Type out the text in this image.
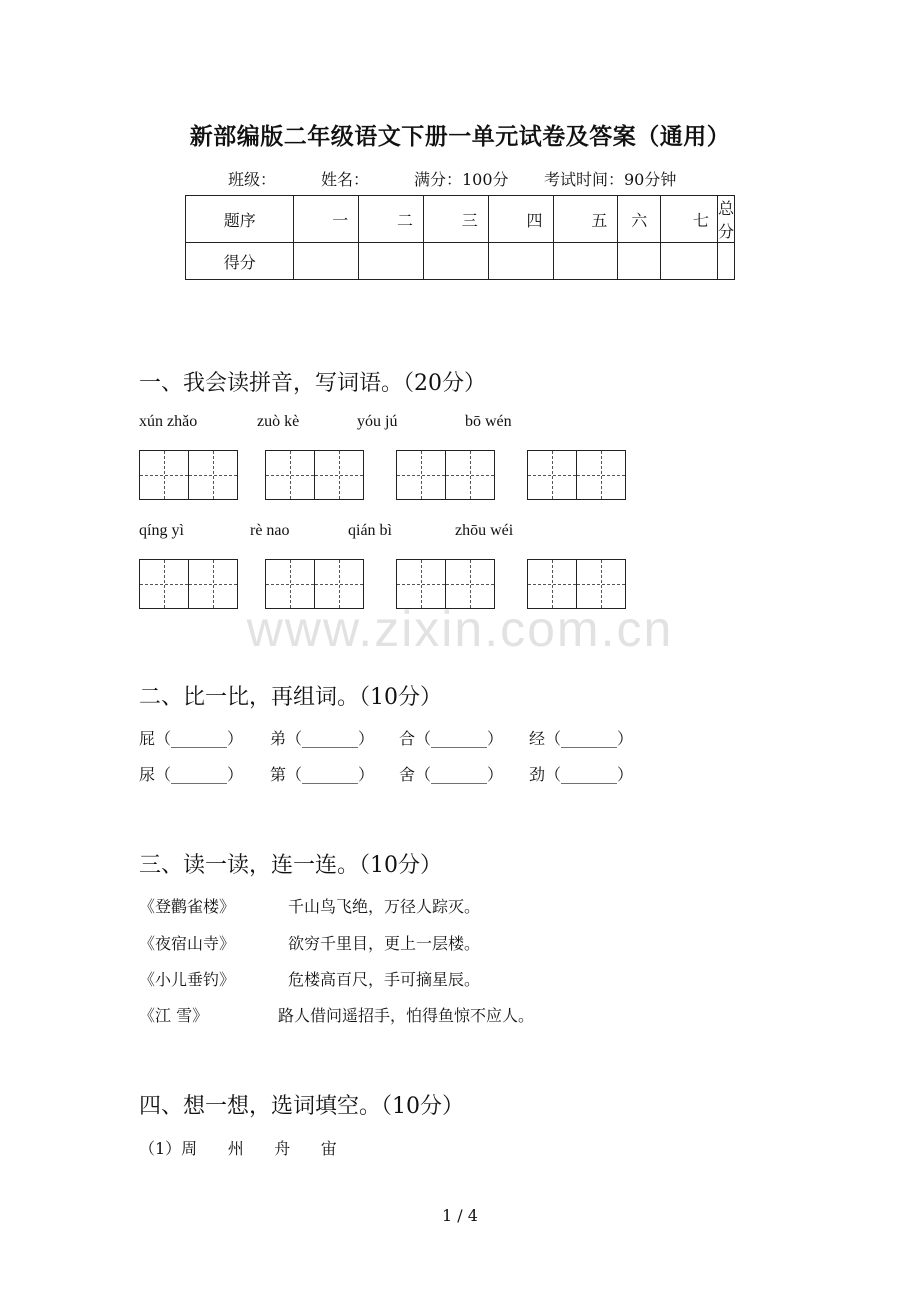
新部编版二年级语文下册一单元试卷及答案（通用）
班级：	姓名：	满分：100分 考试时间：90分钟
题序	一	二	三	四	五	六	七	总分
得分								
一、我会读拼音，写词语。（20分）
xún zhǎo	zuò kè	yóu jú	bō wén
qíng yì	rè nao	qián bì	zhōu wéi
www.zixin.com.cn
二、比一比，再组词。（10分）
屁（_______） 弟（_______） 合（_______） 经（_______）
尿（_______） 第（_______） 舍（_______） 劲（_______）
三、读一读，连一连。（10分）
《登鹳雀楼》	千山鸟飞绝，万径人踪灭。
《夜宿山寺》	欲穷千里目，更上一层楼。
《小儿垂钓》	危楼高百尺，手可摘星辰。
《江 雪》	路人借问遥招手，怕得鱼惊不应人。
四、想一想，选词填空。（10分）
（1）周      州      舟      宙
1 / 4
